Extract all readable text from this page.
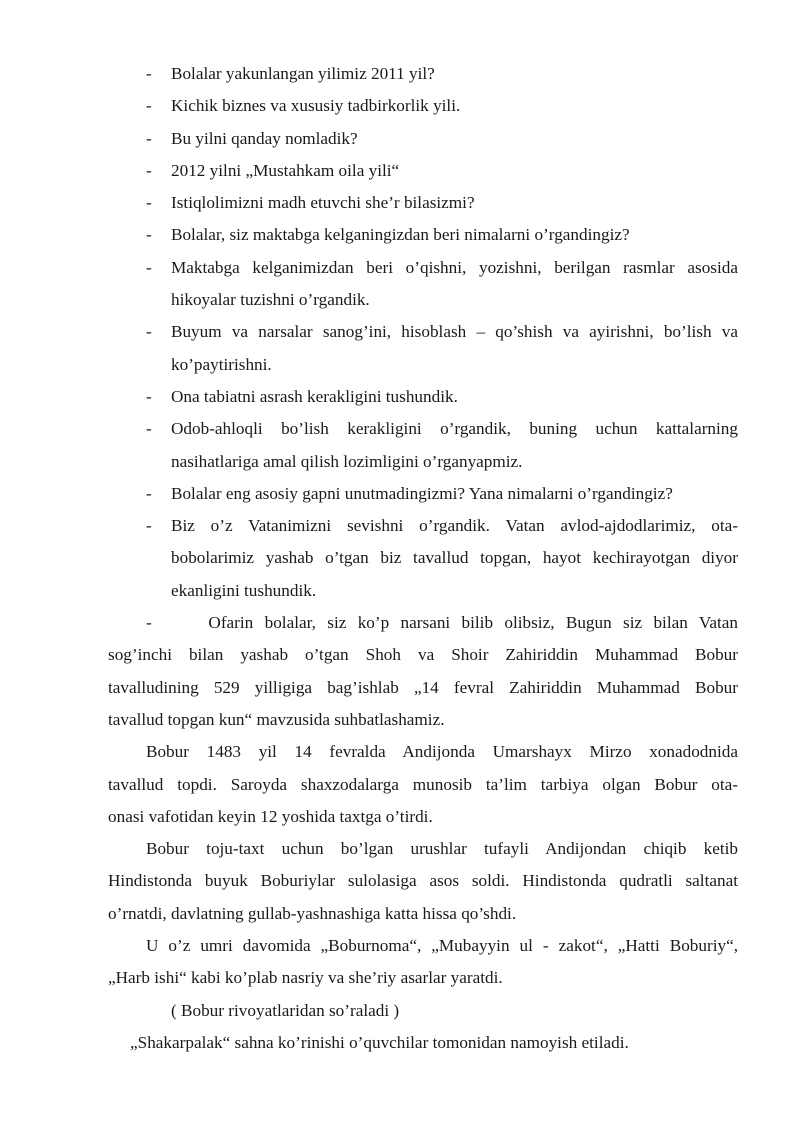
- Bolalar yakunlangan yilimiz 2011 yil?
- Kichik biznes va xususiy tadbirkorlik yili.
- Bu yilni qanday nomladik?
- 2012 yilni „Mustahkam oila yili“
- Istiqlolimizni madh etuvchi she’r bilasizmi?
- Bolalar, siz maktabga kelganingizdan beri nimalarni o’rgandingiz?
- Maktabga kelganimizdan beri o’qishni, yozishni, berilgan rasmlar asosida
hikoyalar tuzishni o’rgandik.
- Buyum va narsalar sanog’ini, hisoblash – qo’shish va ayirishni, bo’lish va
ko’paytirishni.
- Ona tabiatni asrash kerakligini tushundik.
- Odob-ahloqli bo’lish kerakligini o’rgandik, buning uchun kattalarning
nasihatlariga amal qilish lozimligini o’rganyapmiz.
- Bolalar eng asosiy gapni unutmadingizmi? Yana nimalarni o’rgandingiz?
- Biz o’z Vatanimizni sevishni o’rgandik. Vatan avlod-ajdodlarimiz, ota-
bobolarimiz yashab o’tgan biz tavallud topgan, hayot kechirayotgan diyor
ekanligini tushundik.
-     Ofarin bolalar, siz ko’p narsani bilib olibsiz, Bugun siz bilan Vatan
sog’inchi bilan yashab o’tgan Shoh va Shoir Zahiriddin Muhammad Bobur
tavalludining 529 yilligiga bag’ishlab „14 fevral Zahiriddin Muhammad Bobur
tavallud topgan kun“ mavzusida suhbatlashamiz.
Bobur 1483 yil 14 fevralda Andijonda Umarshayx Mirzo xonadodnida
tavallud topdi. Saroyda shaxzodalarga munosib ta’lim tarbiya olgan Bobur ota-
onasi vafotidan keyin 12 yoshida taxtga o’tirdi.
Bobur toju-taxt uchun bo’lgan urushlar tufayli Andijondan chiqib ketib
Hindistonda buyuk Boburiylar sulolasiga asos soldi. Hindistonda qudratli saltanat
o’rnatdi, davlatning gullab-yashnashiga katta hissa qo’shdi.
U o’z umri davomida „Boburnoma“, „Mubayyin ul - zakot“, „Hatti Boburiy“,
„Harb ishi“ kabi ko’plab nasriy va she’riy asarlar yaratdi.
( Bobur rivoyatlaridan so’raladi )
„Shakarpalak“ sahna ko’rinishi o’quvchilar tomonidan namoyish etiladi.
